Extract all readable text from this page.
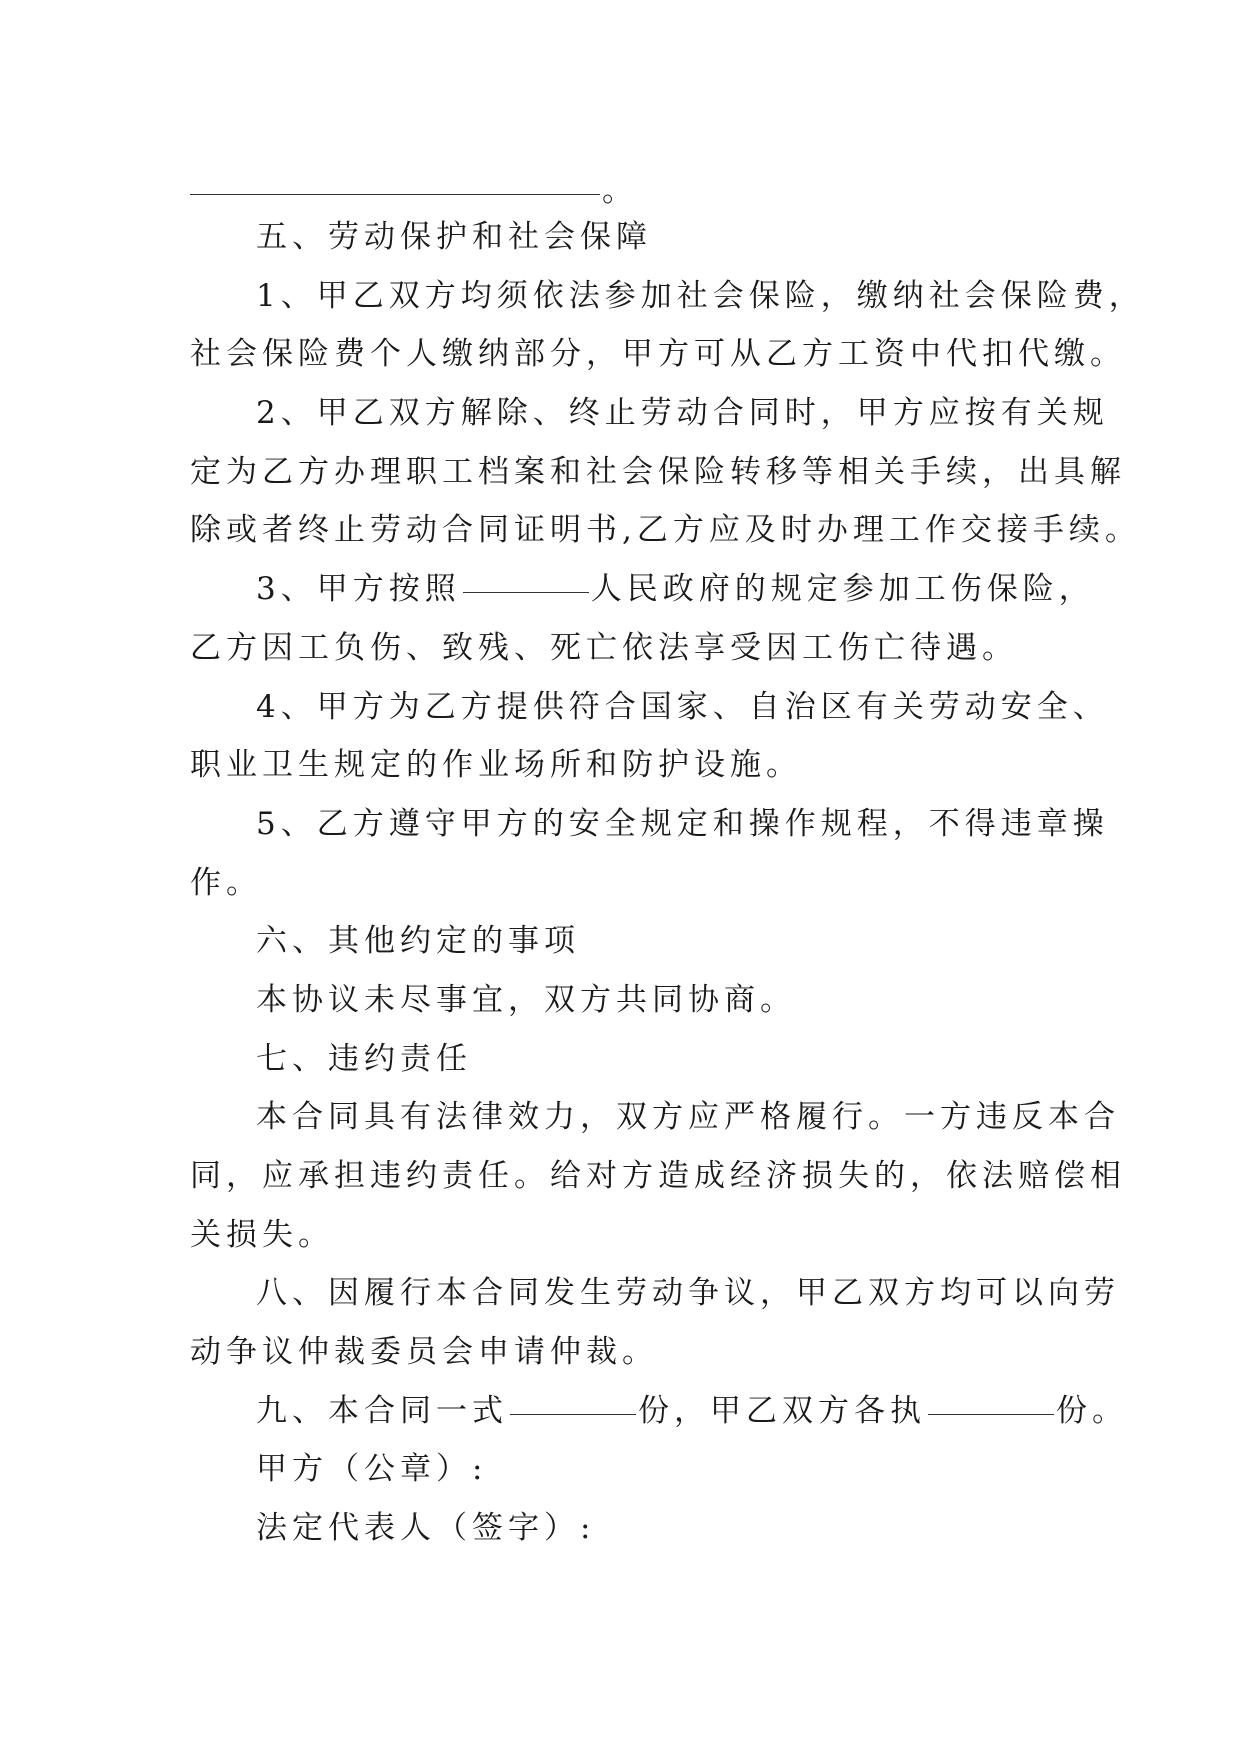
。
五、劳动保护和社会保障
1、甲乙双方均须依法参加社会保险，缴纳社会保险费，
社会保险费个人缴纳部分，甲方可从乙方工资中代扣代缴。
2、甲乙双方解除、终止劳动合同时，甲方应按有关规
定为乙方办理职工档案和社会保险转移等相关手续，出具解
除或者终止劳动合同证明书,乙方应及时办理工作交接手续。
3、甲方按照	人民政府的规定参加工伤保险，
乙方因工负伤、致残、死亡依法享受因工伤亡待遇。
4、甲方为乙方提供符合国家、自治区有关劳动安全、
职业卫生规定的作业场所和防护设施。
5、乙方遵守甲方的安全规定和操作规程，不得违章操
作。
六、其他约定的事项
本协议未尽事宜，双方共同协商。
七、违约责任
本合同具有法律效力，双方应严格履行。一方违反本合
同，应承担违约责任。给对方造成经济损失的，依法赔偿相
关损失。
八、因履行本合同发生劳动争议，甲乙双方均可以向劳
动争议仲裁委员会申请仲裁。
九、本合同一式	份，甲乙双方各执	份。
甲方（公章）:
法定代表人（签字）:
